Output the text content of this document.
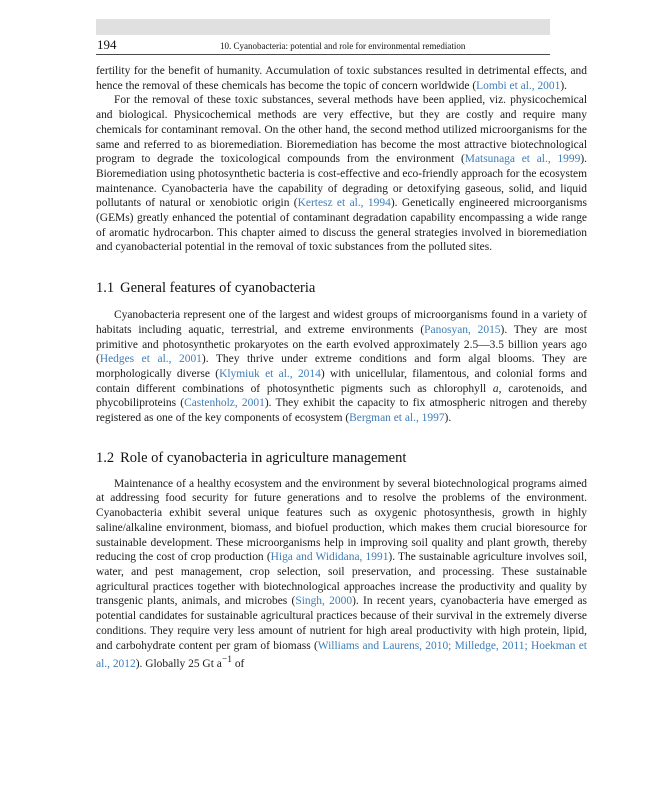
194	10. Cyanobacteria: potential and role for environmental remediation

fertility for the benefit of humanity. Accumulation of toxic substances resulted in detrimental effects, and hence the removal of these chemicals has become the topic of concern worldwide (Lombi et al., 2001).

For the removal of these toxic substances, several methods have been applied, viz. physicochemical and biological. Physicochemical methods are very effective, but they are costly and require many chemicals for contaminant removal. On the other hand, the second method utilized microorganisms for the same and referred to as bioremediation. Bioremediation has become the most attractive biotechnological program to degrade the toxicological compounds from the environment (Matsunaga et al., 1999). Bioremediation using photosynthetic bacteria is cost-effective and eco-friendly approach for the ecosystem maintenance. Cyanobacteria have the capability of degrading or detoxifying gaseous, solid, and liquid pollutants of natural or xenobiotic origin (Kertesz et al., 1994). Genetically engineered microorganisms (GEMs) greatly enhanced the potential of contaminant degradation capability encompassing a wide range of aromatic hydrocarbon. This chapter aimed to discuss the general strategies involved in bioremediation and cyanobacterial potential in the removal of toxic substances from the polluted sites.

1.1 General features of cyanobacteria

Cyanobacteria represent one of the largest and widest groups of microorganisms found in a variety of habitats including aquatic, terrestrial, and extreme environments (Panosyan, 2015). They are most primitive and photosynthetic prokaryotes on the earth evolved approximately 2.5—3.5 billion years ago (Hedges et al., 2001). They thrive under extreme conditions and form algal blooms. They are morphologically diverse (Klymiuk et al., 2014) with unicellular, filamentous, and colonial forms and contain different combinations of photosynthetic pigments such as chlorophyll a, carotenoids, and phycobiliproteins (Castenholz, 2001). They exhibit the capacity to fix atmospheric nitrogen and thereby registered as one of the key components of ecosystem (Bergman et al., 1997).

1.2 Role of cyanobacteria in agriculture management

Maintenance of a healthy ecosystem and the environment by several biotechnological programs aimed at addressing food security for future generations and to resolve the problems of the environment. Cyanobacteria exhibit several unique features such as oxygenic photosynthesis, growth in highly saline/alkaline environment, biomass, and biofuel production, which makes them crucial bioresource for sustainable development. These microorganisms help in improving soil quality and plant growth, thereby reducing the cost of crop production (Higa and Wididana, 1991). The sustainable agriculture involves soil, water, and pest management, crop selection, soil preservation, and processing. These sustainable agricultural practices together with biotechnological approaches increase the productivity and quality by transgenic plants, animals, and microbes (Singh, 2000). In recent years, cyanobacteria have emerged as potential candidates for sustainable agricultural practices because of their survival in the extremely diverse conditions. They require very less amount of nutrient for high areal productivity with high protein, lipid, and carbohydrate content per gram of biomass (Williams and Laurens, 2010; Milledge, 2011; Hoekman et al., 2012). Globally 25 Gt $a^{-1}$ of
